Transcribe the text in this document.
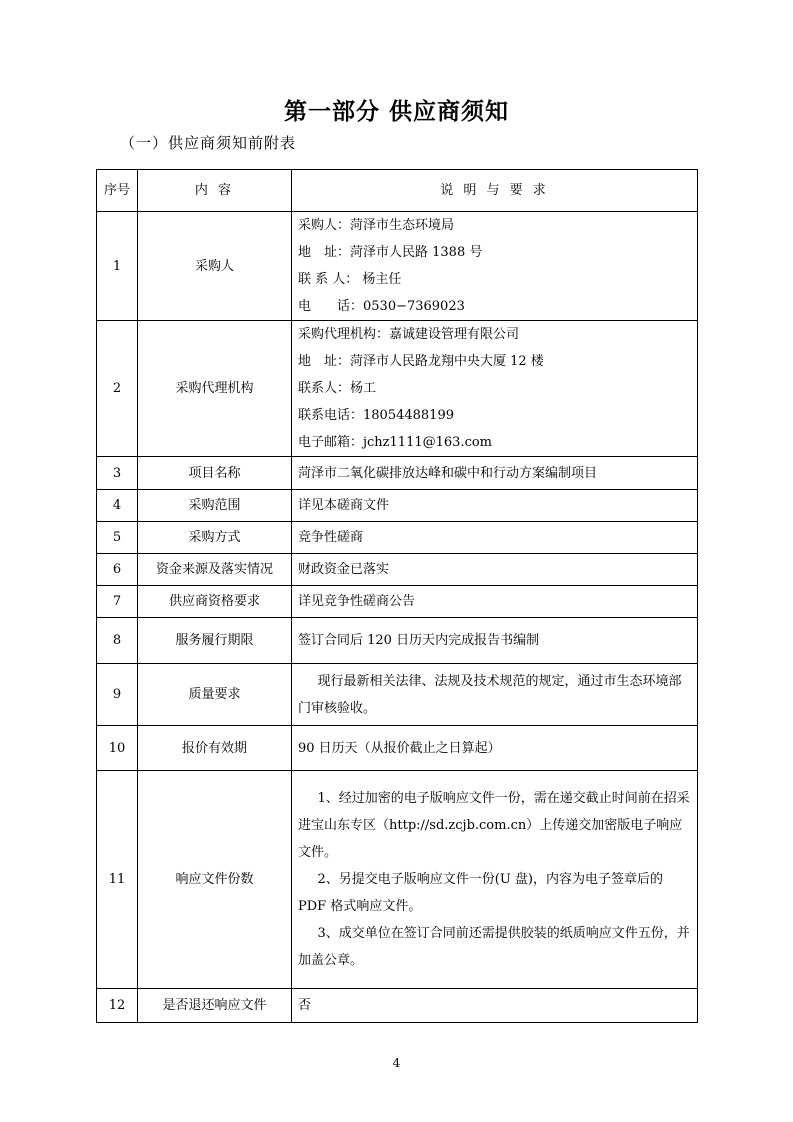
第一部分 供应商须知
（一）供应商须知前附表
序号	内 容	说 明 与 要 求
1	采购人	采购人：菏泽市生态环境局
地　址：菏泽市人民路 1388 号
联 系 人： 杨主任
电　　话：0530−7369023

2	采购代理机构	采购代理机构：嘉诚建设管理有限公司
地　址：菏泽市人民路龙翔中央大厦 12 楼
联系人：杨工
联系电话：18054488199
电子邮箱：jchz1111@163.com

3	项目名称	菏泽市二氧化碳排放达峰和碳中和行动方案编制项目

4	采购范围	详见本磋商文件

5	采购方式	竞争性磋商

6	资金来源及落实情况	财政资金已落实

7	供应商资格要求	详见竞争性磋商公告

8	服务履行期限	签订合同后 120 日历天内完成报告书编制

9	质量要求	现行最新相关法律、法规及技术规范的规定，通过市生态环境部门审核验收。

10	报价有效期	90 日历天（从报价截止之日算起）

11	响应文件份数	1、经过加密的电子版响应文件一份，需在递交截止时间前在招采进宝山东专区（http://sd.zcjb.com.cn）上传递交加密版电子响应文件。
2、另提交电子版响应文件一份(U 盘)，内容为电子签章后的 PDF 格式响应文件。
3、成交单位在签订合同前还需提供胶装的纸质响应文件五份，并加盖公章。

12	是否退还响应文件	否
4
